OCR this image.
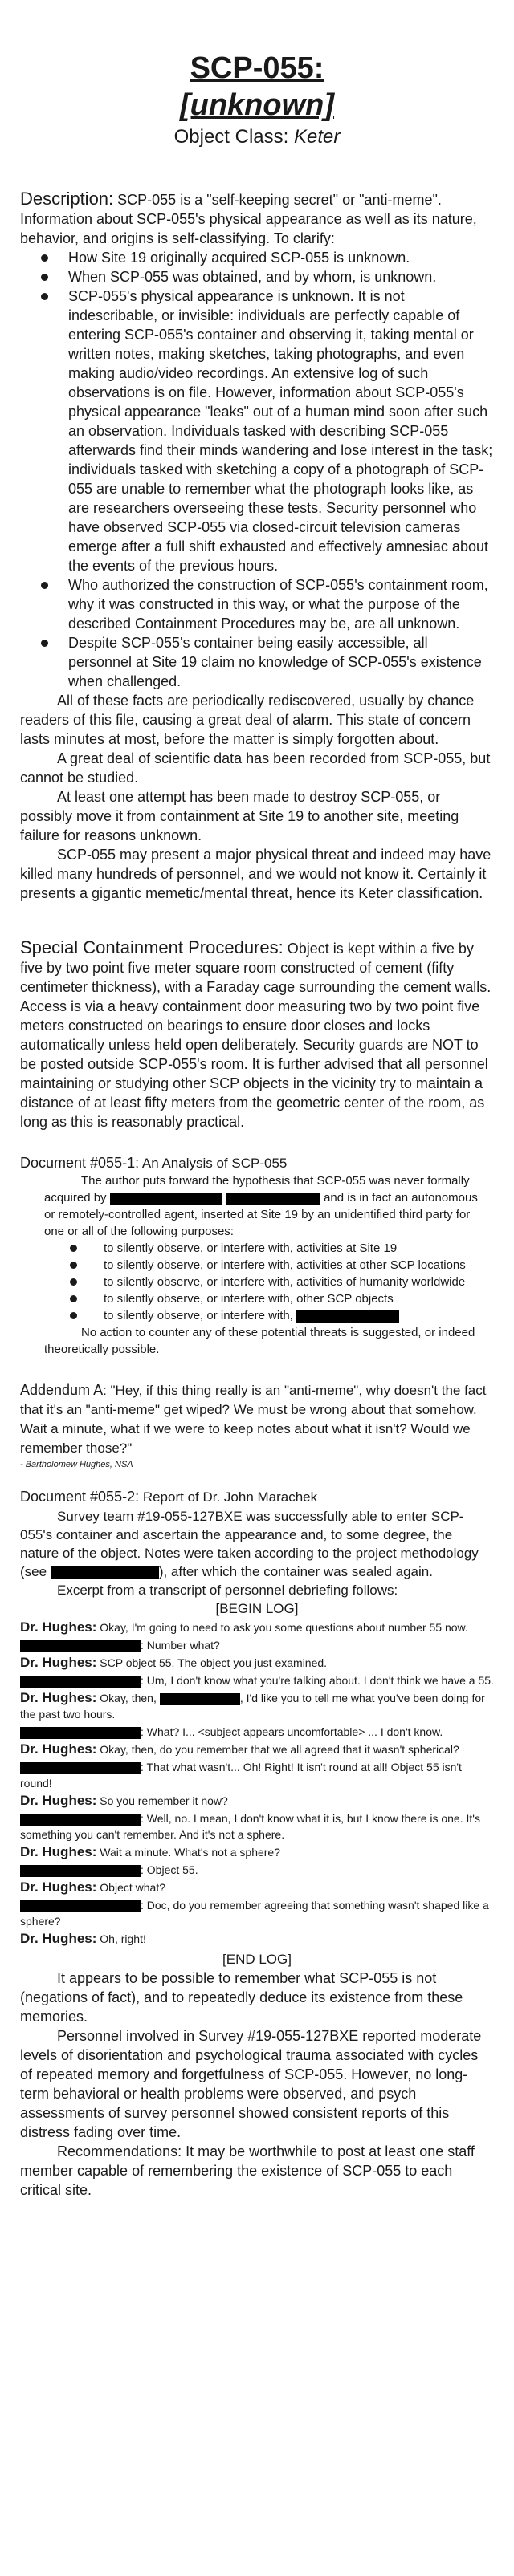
SCP-055:
[unknown]

Object Class: Keter

Description: SCP-055 is a "self-keeping secret" or "anti-meme". Information about SCP-055's physical appearance as well as its nature, behavior, and origins is self-classifying. To clarify:

How Site 19 originally acquired SCP-055 is unknown.
When SCP-055 was obtained, and by whom, is unknown.
SCP-055's physical appearance is unknown. It is not indescribable, or invisible: individuals are perfectly capable of entering SCP-055's container and observing it, taking mental or written notes, making sketches, taking photographs, and even making audio/video recordings. An extensive log of such observations is on file. However, information about SCP-055's physical appearance "leaks" out of a human mind soon after such an observation. Individuals tasked with describing SCP-055 afterwards find their minds wandering and lose interest in the task; individuals tasked with sketching a copy of a photograph of SCP-055 are unable to remember what the photograph looks like, as are researchers overseeing these tests. Security personnel who have observed SCP-055 via closed-circuit television cameras emerge after a full shift exhausted and effectively amnesiac about the events of the previous hours.
Who authorized the construction of SCP-055's containment room, why it was constructed in this way, or what the purpose of the described Containment Procedures may be, are all unknown.
Despite SCP-055's container being easily accessible, all personnel at Site 19 claim no knowledge of SCP-055's existence when challenged.

All of these facts are periodically rediscovered, usually by chance readers of this file, causing a great deal of alarm. This state of concern lasts minutes at most, before the matter is simply forgotten about.

A great deal of scientific data has been recorded from SCP-055, but cannot be studied.

At least one attempt has been made to destroy SCP-055, or possibly move it from containment at Site 19 to another site, meeting failure for reasons unknown.

SCP-055 may present a major physical threat and indeed may have killed many hundreds of personnel, and we would not know it. Certainly it presents a gigantic memetic/mental threat, hence its Keter classification.

Special Containment Procedures: Object is kept within a five by five by two point five meter square room constructed of cement (fifty centimeter thickness), with a Faraday cage surrounding the cement walls. Access is via a heavy containment door measuring two by two point five meters constructed on bearings to ensure door closes and locks automatically unless held open deliberately. Security guards are NOT to be posted outside SCP-055's room. It is further advised that all personnel maintaining or studying other SCP objects in the vicinity try to maintain a distance of at least fifty meters from the geometric center of the room, as long as this is reasonably practical.

Document #055-1: An Analysis of SCP-055

The author puts forward the hypothesis that SCP-055 was never formally acquired by	and is in fact an autonomous or remotely-controlled agent, inserted at Site 19 by an unidentified third party for one or all of the following purposes:

to silently observe, or interfere with, activities at Site 19
to silently observe, or interfere with, activities at other SCP locations
to silently observe, or interfere with, activities of humanity worldwide
to silently observe, or interfere with, other SCP objects
to silently observe, or interfere with,

No action to counter any of these potential threats is suggested, or indeed theoretically possible.

Addendum A: "Hey, if this thing really is an "anti-meme", why doesn't the fact that it's an "anti-meme" get wiped? We must be wrong about that somehow. Wait a minute, what if we were to keep notes about what it isn't? Would we remember those?"

- Bartholomew Hughes, NSA

Document #055-2: Report of Dr. John Marachek

Survey team #19-055-127BXE was successfully able to enter SCP-055's container and ascertain the appearance and, to some degree, the nature of the object. Notes were taken according to the project methodology (see	), after which the container was sealed again.

Excerpt from a transcript of personnel debriefing follows:

[BEGIN LOG]

Dr. Hughes: Okay, I'm going to need to ask you some questions about number 55 now.

: Number what?

Dr. Hughes: SCP object 55. The object you just examined.

: Um, I don't know what you're talking about. I don't think we have a 55.

Dr. Hughes: Okay, then,	, I'd like you to tell me what you've been doing for the past two hours.

: What? I... <subject appears uncomfortable> ... I don't know.

Dr. Hughes: Okay, then, do you remember that we all agreed that it wasn't spherical?

: That what wasn't... Oh! Right! It isn't round at all! Object 55 isn't round!

Dr. Hughes: So you remember it now?

: Well, no. I mean, I don't know what it is, but I know there is one. It's something you can't remember. And it's not a sphere.

Dr. Hughes: Wait a minute. What's not a sphere?

: Object 55.

Dr. Hughes: Object what?

: Doc, do you remember agreeing that something wasn't shaped like a sphere?

Dr. Hughes: Oh, right!

[END LOG]

It appears to be possible to remember what SCP-055 is not (negations of fact), and to repeatedly deduce its existence from these memories.

Personnel involved in Survey #19-055-127BXE reported moderate levels of disorientation and psychological trauma associated with cycles of repeated memory and forgetfulness of SCP-055. However, no long-term behavioral or health problems were observed, and psych assessments of survey personnel showed consistent reports of this distress fading over time.

Recommendations: It may be worthwhile to post at least one staff member capable of remembering the existence of SCP-055 to each critical site.
